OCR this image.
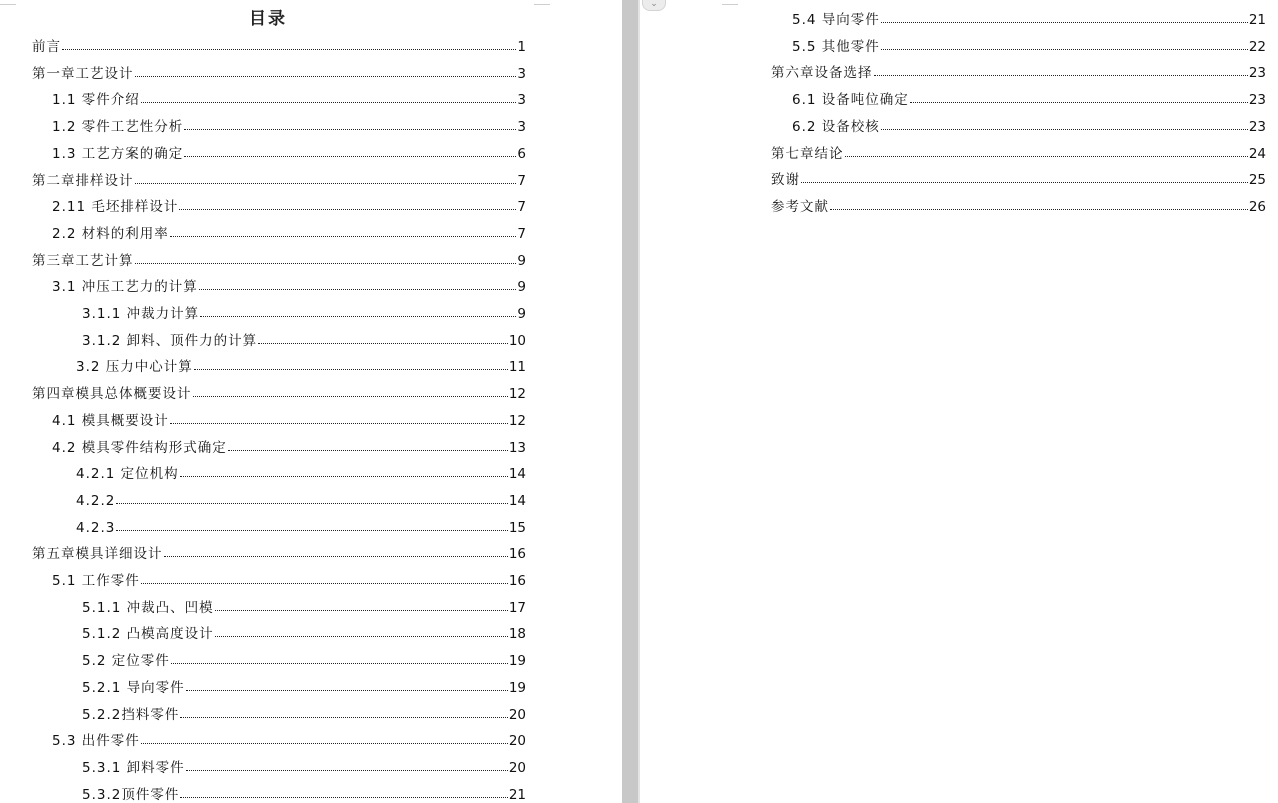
目录
前言	1
第一章工艺设计	3
1.1 零件介绍	3
1.2 零件工艺性分析	3
1.3 工艺方案的确定	6
第二章排样设计	7
2.11 毛坯排样设计	7
2.2 材料的利用率	7
第三章工艺计算	9
3.1 冲压工艺力的计算	9
3.1.1 冲裁力计算	9
3.1.2 卸料、顶件力的计算	10
3.2 压力中心计算	11
第四章模具总体概要设计	12
4.1 模具概要设计	12
4.2 模具零件结构形式确定	13
4.2.1 定位机构	14
4.2.2	14
4.2.3	15
第五章模具详细设计	16
5.1 工作零件	16
5.1.1 冲裁凸、凹模	17
5.1.2 凸模高度设计	18
5.2 定位零件	19
5.2.1 导向零件	19
5.2.2挡料零件	20
5.3 出件零件	20
5.3.1 卸料零件	20
5.3.2顶件零件	21
5.4 导向零件	21
5.5 其他零件	22
第六章设备选择	23
6.1 设备吨位确定	23
6.2 设备校核	23
第七章结论	24
致谢	25
参考文献	26
⌄
